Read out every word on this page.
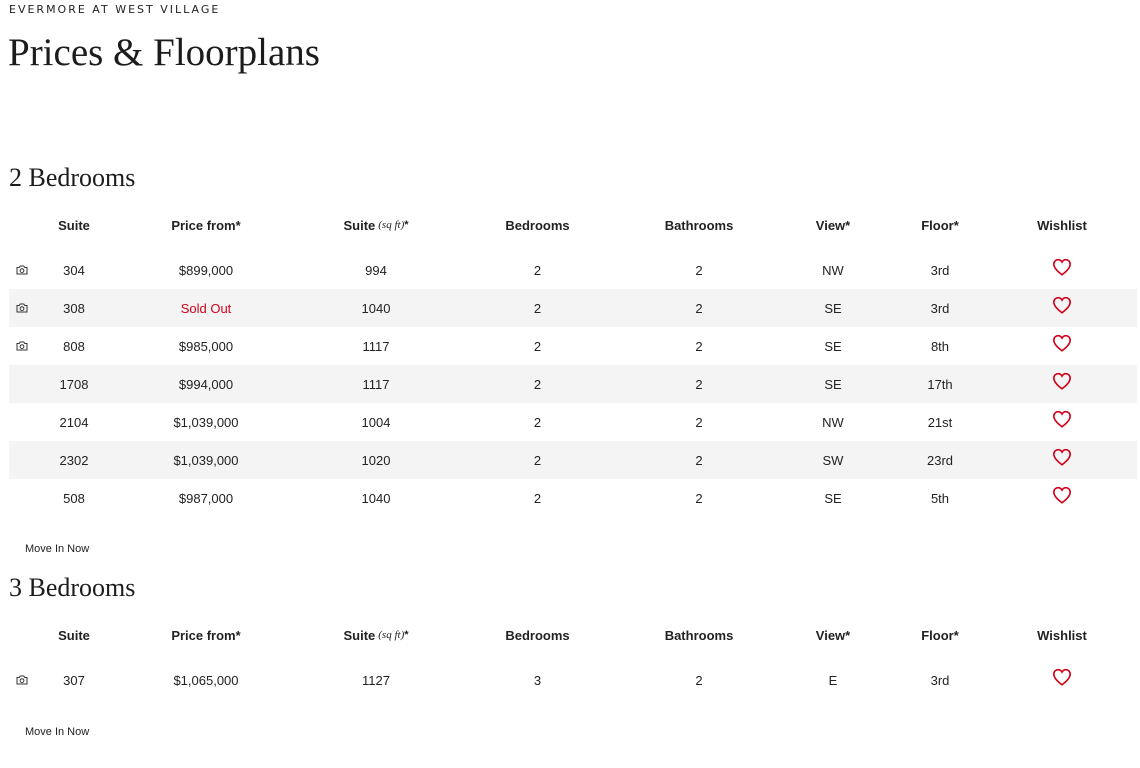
EVERMORE AT WEST VILLAGE
Prices & Floorplans
2 Bedrooms
Suite	Price from*	Suite (sq ft) *	Bedrooms	Bathrooms	View*	Floor*	Wishlist
304	$899,000	994	2	2	NW	3rd
308	Sold Out	1040	2	2	SE	3rd
808	$985,000	1117	2	2	SE	8th
1708	$994,000	1117	2	2	SE	17th
2104	$1,039,000	1004	2	2	NW	21st
2302	$1,039,000	1020	2	2	SW	23rd
508	$987,000	1040	2	2	SE	5th
Move In Now
3 Bedrooms
Suite	Price from*	Suite (sq ft) *	Bedrooms	Bathrooms	View*	Floor*	Wishlist
307	$1,065,000	1127	3	2	E	3rd
Move In Now
